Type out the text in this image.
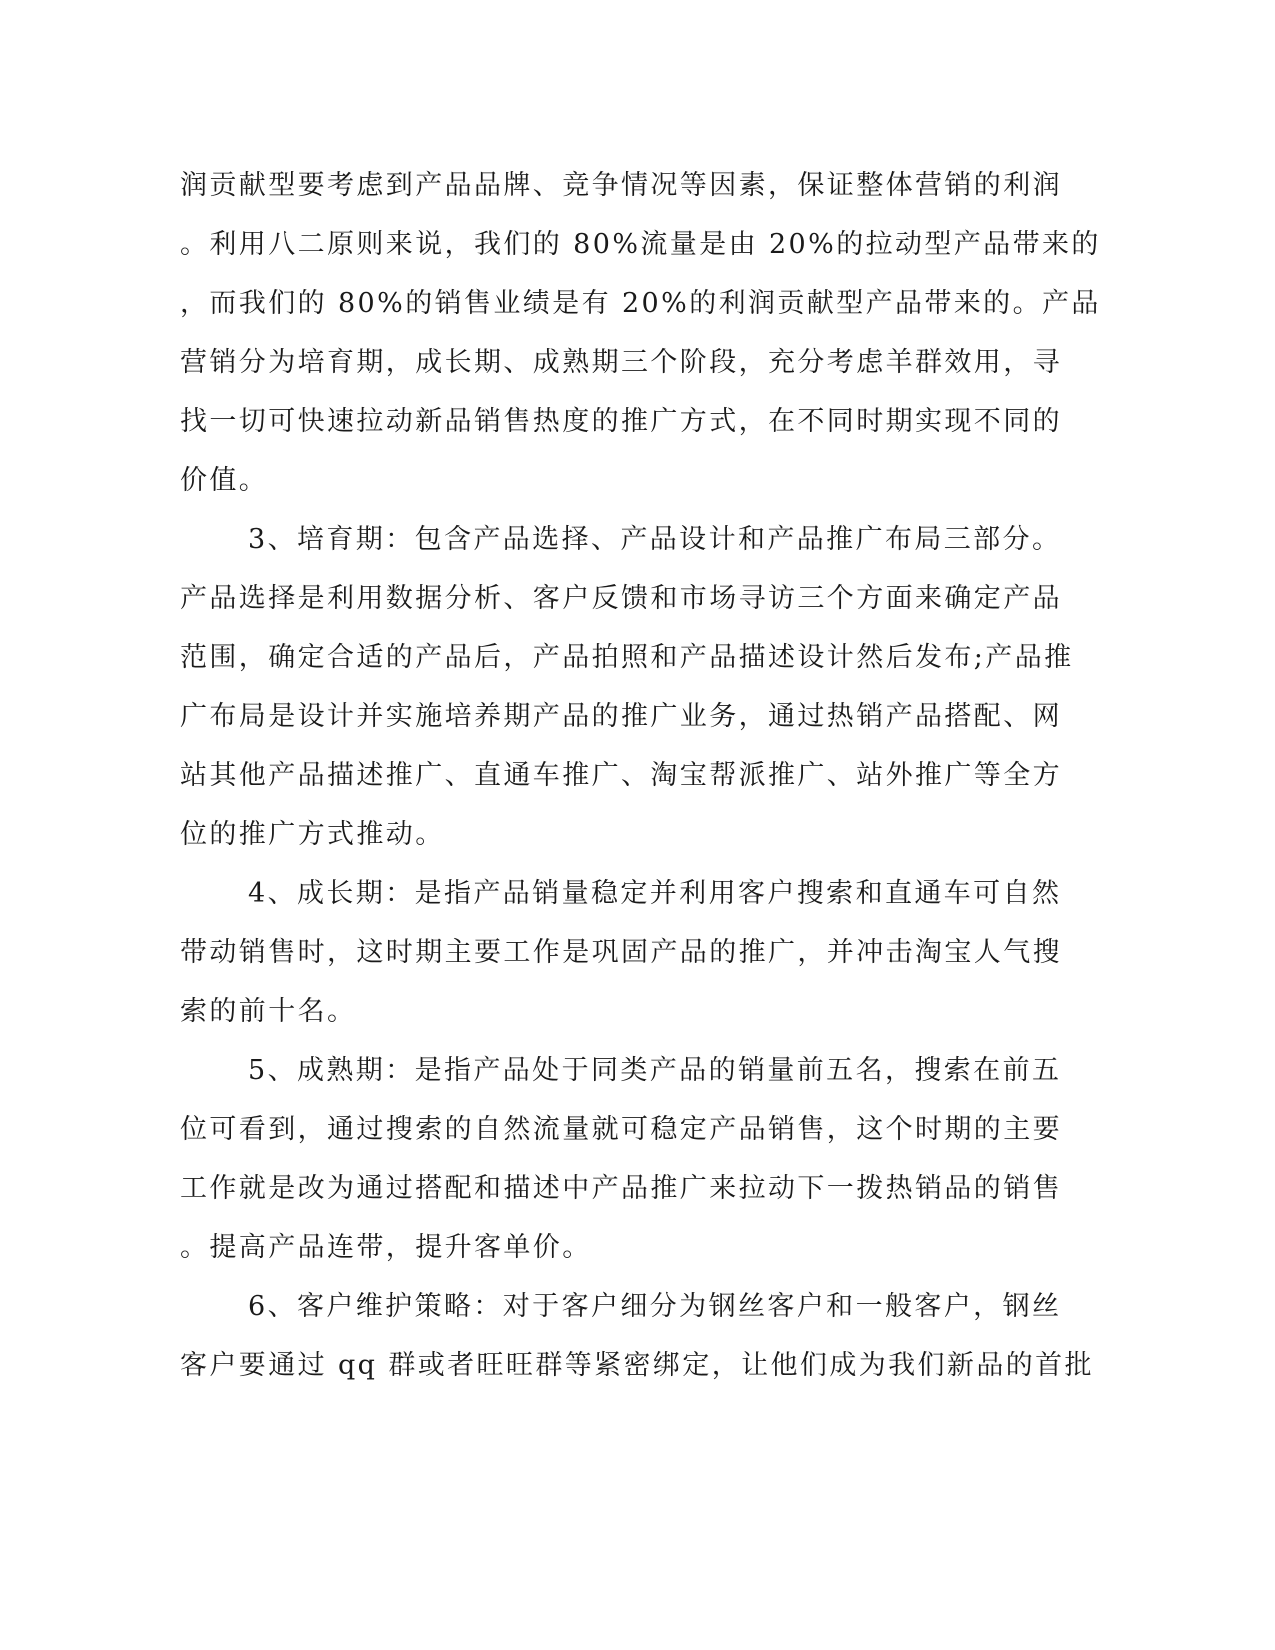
润贡献型要考虑到产品品牌、竞争情况等因素，保证整体营销的利润
。利用八二原则来说，我们的 80%流量是由 20%的拉动型产品带来的
，而我们的 80%的销售业绩是有 20%的利润贡献型产品带来的。产品
营销分为培育期，成长期、成熟期三个阶段，充分考虑羊群效用，寻
找一切可快速拉动新品销售热度的推广方式，在不同时期实现不同的
价值。
3、培育期：包含产品选择、产品设计和产品推广布局三部分。
产品选择是利用数据分析、客户反馈和市场寻访三个方面来确定产品
范围，确定合适的产品后，产品拍照和产品描述设计然后发布;产品推
广布局是设计并实施培养期产品的推广业务，通过热销产品搭配、网
站其他产品描述推广、直通车推广、淘宝帮派推广、站外推广等全方
位的推广方式推动。
4、成长期：是指产品销量稳定并利用客户搜索和直通车可自然
带动销售时，这时期主要工作是巩固产品的推广，并冲击淘宝人气搜
索的前十名。
5、成熟期：是指产品处于同类产品的销量前五名，搜索在前五
位可看到，通过搜索的自然流量就可稳定产品销售，这个时期的主要
工作就是改为通过搭配和描述中产品推广来拉动下一拨热销品的销售
。提高产品连带，提升客单价。
6、客户维护策略：对于客户细分为钢丝客户和一般客户，钢丝
客户要通过 qq 群或者旺旺群等紧密绑定，让他们成为我们新品的首批
